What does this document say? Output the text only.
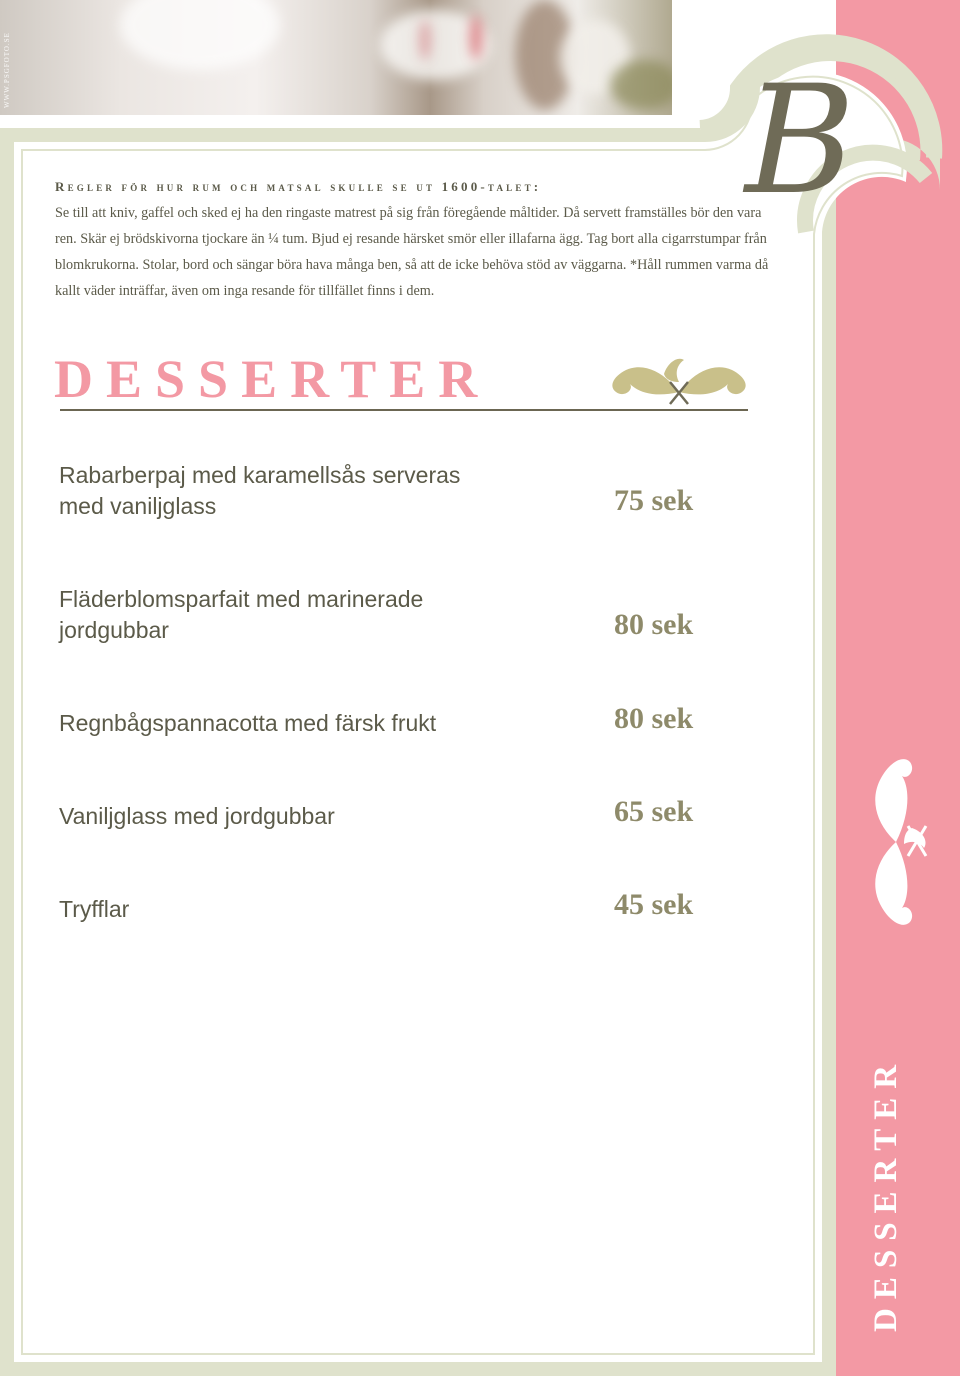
WWW.PSGFOTO.SE	B
Regler för hur rum och matsal skulle se ut 1600-talet:

Se till att kniv, gaffel och sked ej ha den ringaste matrest på sig från föregående måltider. Då servett framställes bör den vara ren. Skär ej brödskivorna tjockare än ¼ tum. Bjud ej resande härsket smör eller illafarna ägg. Tag bort alla cigarrstumpar från blomkrukorna. Stolar, bord och sängar böra hava många ben, så att de icke behöva stöd av väggarna. *Håll rummen varma då kallt väder inträffar, även om inga resande för tillfället finns i dem.

DESSERTER
Rabarberpaj med karamellsås serveras med vaniljglass	75 sek
Fläderblomsparfait med marinerade jordgubbar	80 sek
Regnbågspannacotta med färsk frukt	80 sek
Vaniljglass med jordgubbar	65 sek
Tryfflar	45 sek
DESSERTER
